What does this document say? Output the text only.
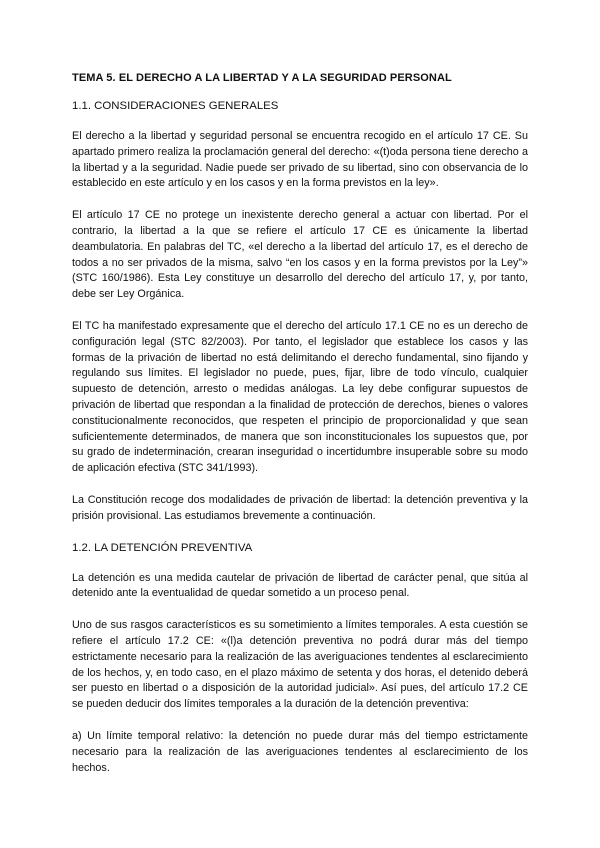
TEMA 5. EL DERECHO A LA LIBERTAD Y A LA SEGURIDAD PERSONAL
1.1. CONSIDERACIONES GENERALES

El derecho a la libertad y seguridad personal se encuentra recogido en el artículo 17 CE. Su apartado primero realiza la proclamación general del derecho: «(t)oda persona tiene derecho a la libertad y a la seguridad. Nadie puede ser privado de su libertad, sino con observancia de lo establecido en este artículo y en los casos y en la forma previstos en la ley».

El artículo 17 CE no protege un inexistente derecho general a actuar con libertad. Por el contrario, la libertad a la que se refiere el artículo 17 CE es únicamente la libertad deambulatoria. En palabras del TC, «el derecho a la libertad del artículo 17, es el derecho de todos a no ser privados de la misma, salvo “en los casos y en la forma previstos por la Ley”» (STC 160/1986). Esta Ley constituye un desarrollo del derecho del artículo 17, y, por tanto, debe ser Ley Orgánica.

El TC ha manifestado expresamente que el derecho del artículo 17.1 CE no es un derecho de configuración legal (STC 82/2003). Por tanto, el legislador que establece los casos y las formas de la privación de libertad no está delimitando el derecho fundamental, sino fijando y regulando sus límites. El legislador no puede, pues, fijar, libre de todo vínculo, cualquier supuesto de detención, arresto o medidas análogas. La ley debe configurar supuestos de privación de libertad que respondan a la finalidad de protección de derechos, bienes o valores constitucionalmente reconocidos, que respeten el principio de proporcionalidad y que sean suficientemente determinados, de manera que son inconstitucionales los supuestos que, por su grado de indeterminación, crearan inseguridad o incertidumbre insuperable sobre su modo de aplicación efectiva (STC 341/1993).

La Constitución recoge dos modalidades de privación de libertad: la detención preventiva y la prisión provisional. Las estudiamos brevemente a continuación.

1.2. LA DETENCIÓN PREVENTIVA

La detención es una medida cautelar de privación de libertad de carácter penal, que sitúa al detenido ante la eventualidad de quedar sometido a un proceso penal.

Uno de sus rasgos característicos es su sometimiento a límites temporales. A esta cuestión se refiere el artículo 17.2 CE: «(l)a detención preventiva no podrá durar más del tiempo estrictamente necesario para la realización de las averiguaciones tendentes al esclarecimiento de los hechos, y, en todo caso, en el plazo máximo de setenta y dos horas, el detenido deberá ser puesto en libertad o a disposición de la autoridad judicial». Así pues, del artículo 17.2 CE se pueden deducir dos límites temporales a la duración de la detención preventiva:

a) Un límite temporal relativo: la detención no puede durar más del tiempo estrictamente necesario para la realización de las averiguaciones tendentes al esclarecimiento de los hechos.
